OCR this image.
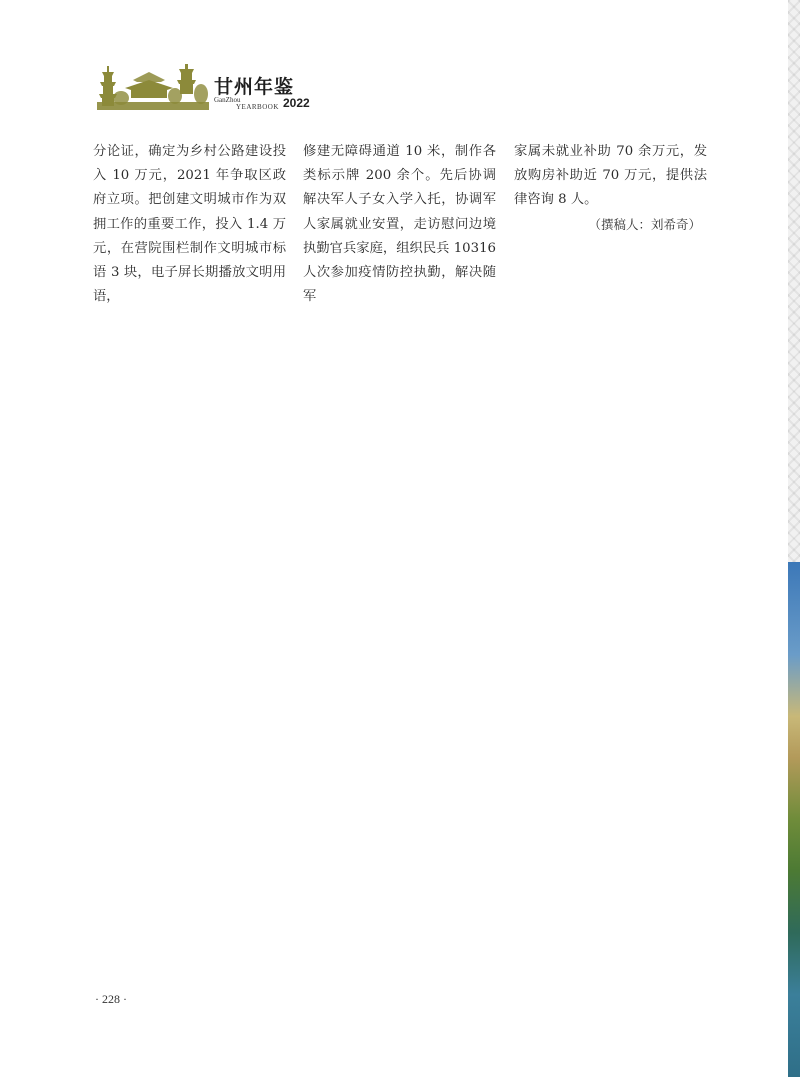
甘州年鉴
GanZhou
YEARBOOK 2022

分论证，确定为乡村公路建设投入 10 万元，2021 年争取区政府立项。把创建文明城市作为双拥工作的重要工作，投入 1.4 万元，在营院围栏制作文明城市标语 3 块，电子屏长期播放文明用语，

修建无障碍通道 10 米，制作各类标示牌 200 余个。先后协调解决军人子女入学入托，协调军人家属就业安置，走访慰问边境执勤官兵家庭，组织民兵 10316 人次参加疫情防控执勤，解决随军

家属未就业补助 70 余万元，发放购房补助近 70 万元，提供法律咨询 8 人。

（撰稿人：刘希奇）

· 228 ·
